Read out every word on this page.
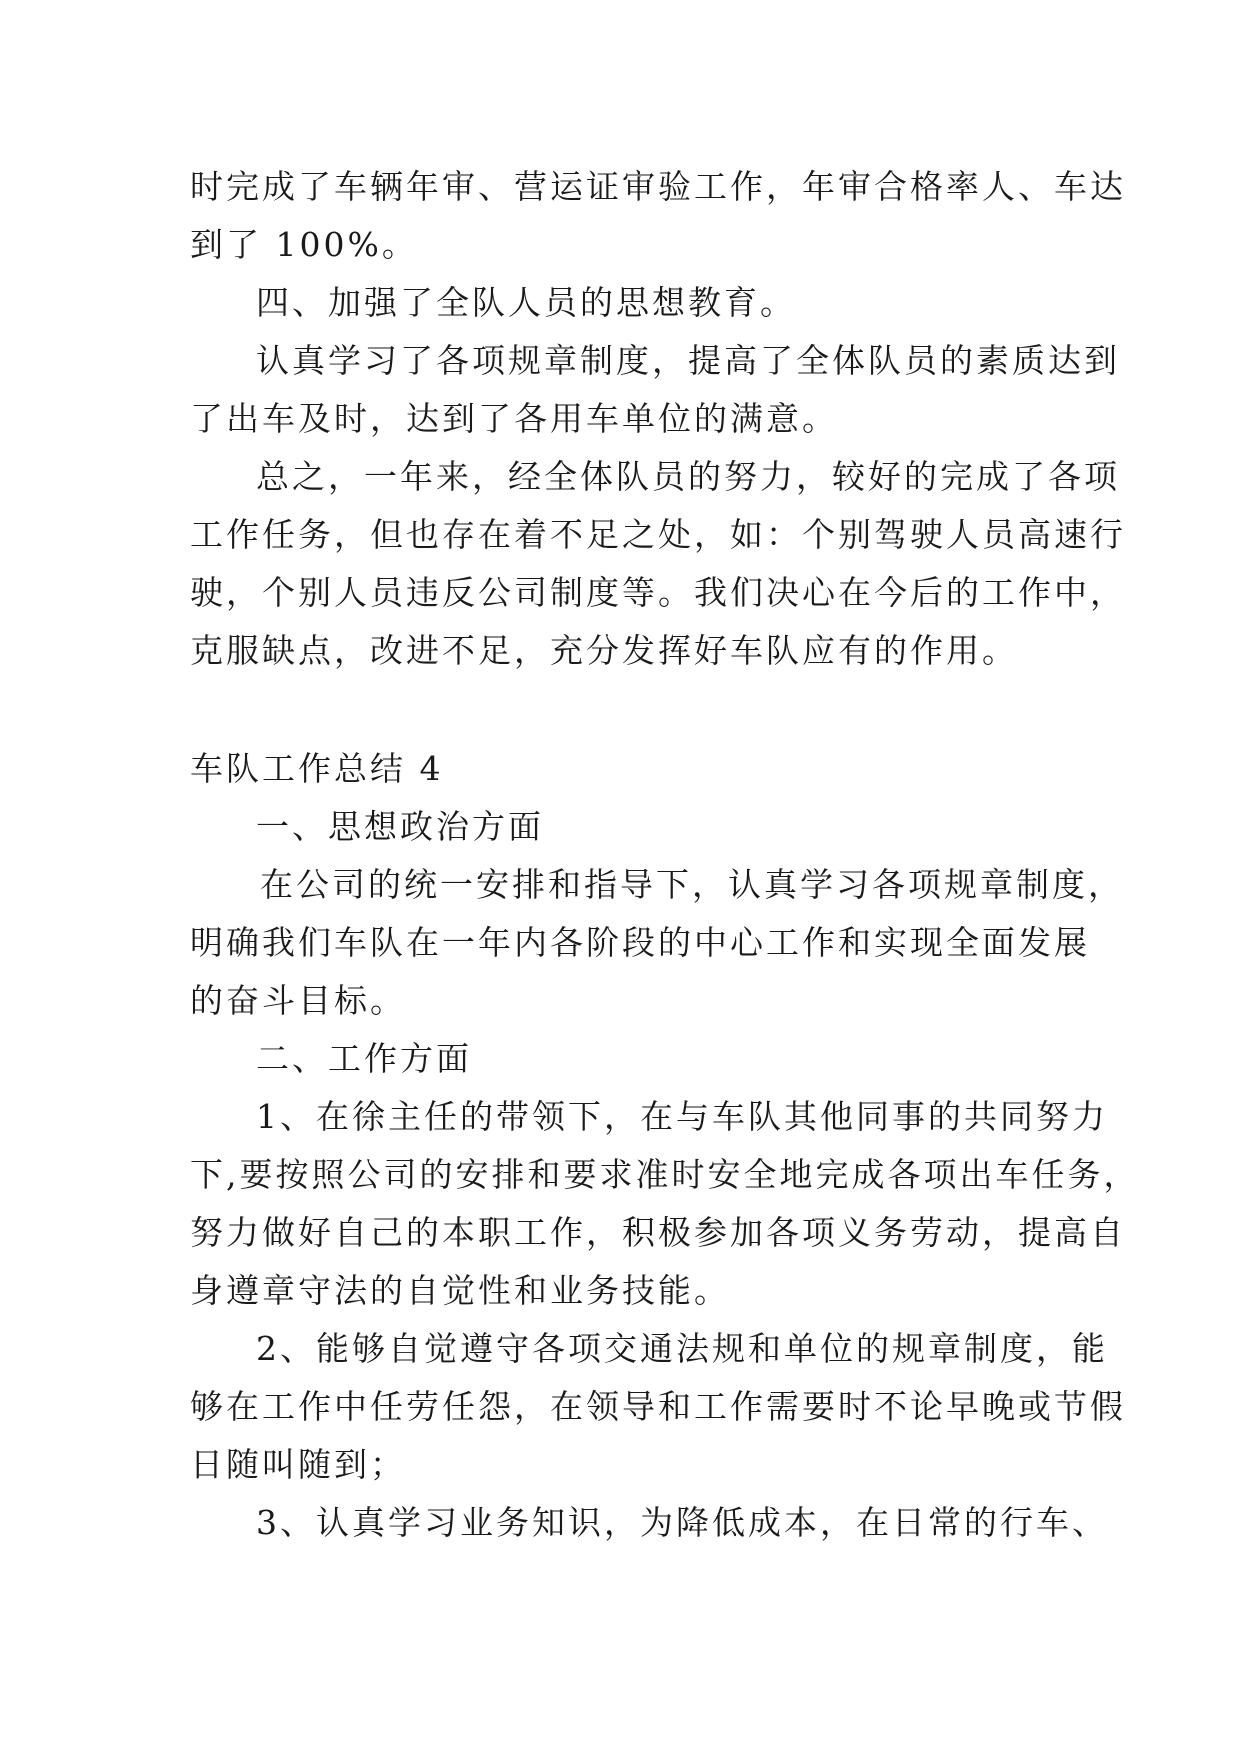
时完成了车辆年审、营运证审验工作，年审合格率人、车达
到了 100%。
四、加强了全队人员的思想教育。
认真学习了各项规章制度，提高了全体队员的素质达到
了出车及时，达到了各用车单位的满意。
总之，一年来，经全体队员的努力，较好的完成了各项
工作任务，但也存在着不足之处，如：个别驾驶人员高速行
驶，个别人员违反公司制度等。我们决心在今后的工作中，
克服缺点，改进不足，充分发挥好车队应有的作用。
车队工作总结 4
一、思想政治方面
在公司的统一安排和指导下，认真学习各项规章制度，
明确我们车队在一年内各阶段的中心工作和实现全面发展
的奋斗目标。
二、工作方面
1、在徐主任的带领下，在与车队其他同事的共同努力
下,要按照公司的安排和要求准时安全地完成各项出车任务，
努力做好自己的本职工作，积极参加各项义务劳动，提高自
身遵章守法的自觉性和业务技能。
2、能够自觉遵守各项交通法规和单位的规章制度，能
够在工作中任劳任怨，在领导和工作需要时不论早晚或节假
日随叫随到；
3、认真学习业务知识，为降低成本，在日常的行车、
